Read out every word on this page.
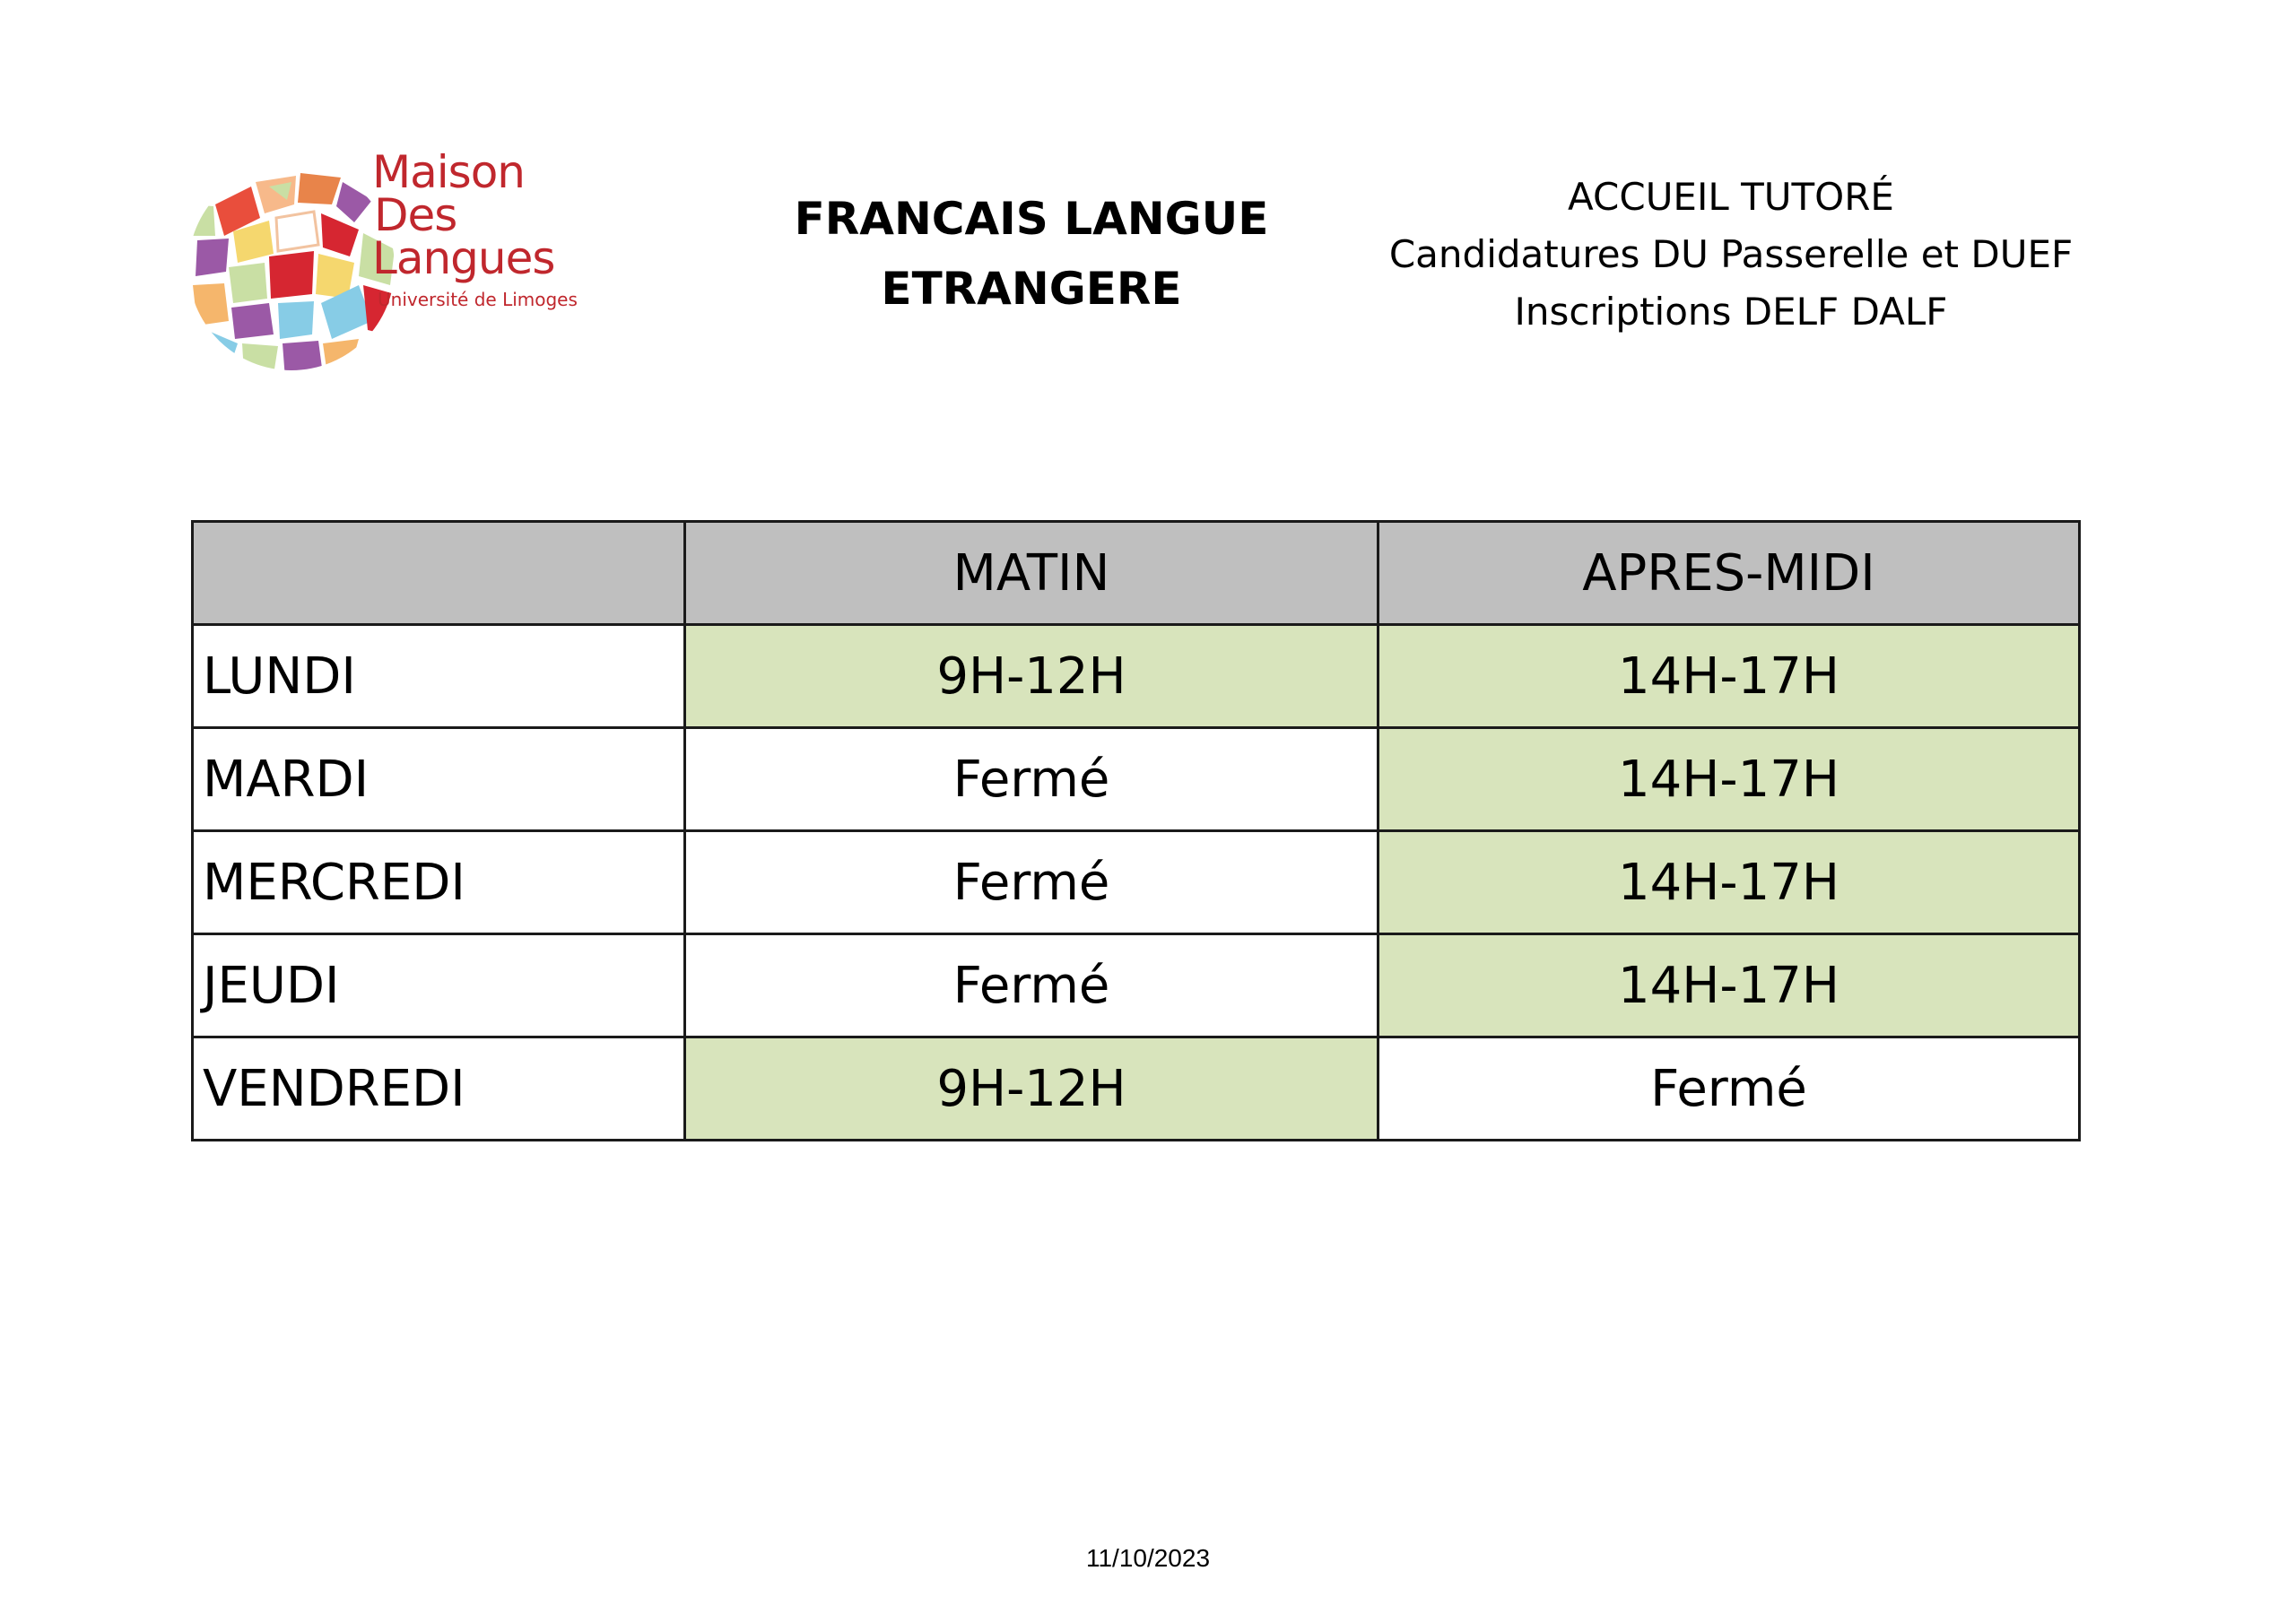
Maison
Des
Langues
Université de Limoges
FRANCAIS LANGUE
ETRANGERE
ACCUEIL TUTORÉ
Candidatures DU Passerelle et DUEF
Inscriptions DELF DALF
	MATIN	APRES-MIDI
LUNDI	9H-12H	14H-17H
MARDI	Fermé	14H-17H
MERCREDI	Fermé	14H-17H
JEUDI	Fermé	14H-17H
VENDREDI	9H-12H	Fermé
11/10/2023
